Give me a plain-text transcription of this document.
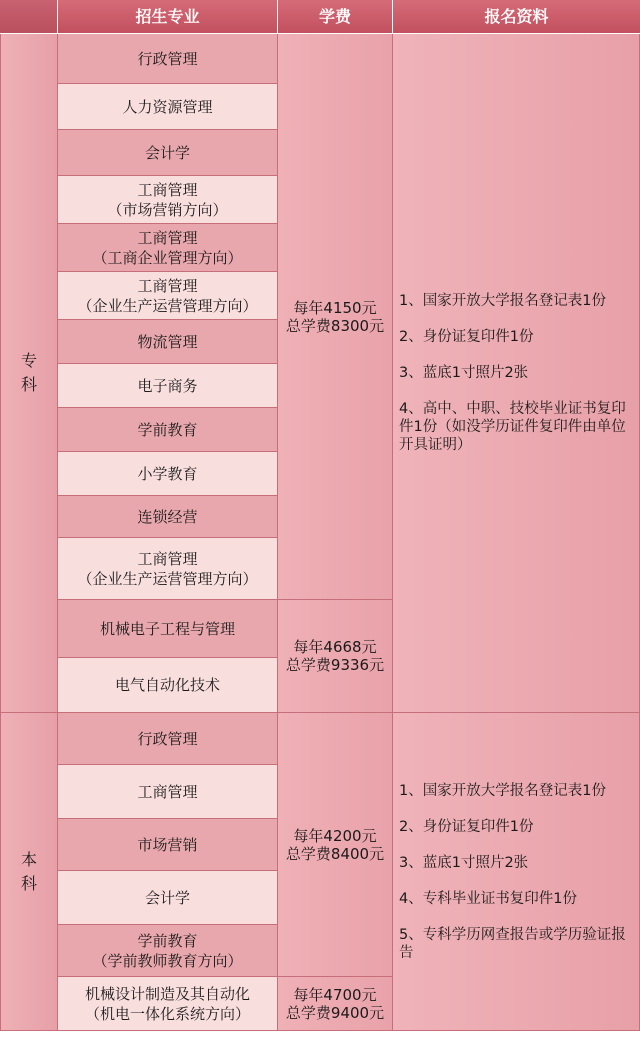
招生专业	学费	报名资料
专
科
本
科
行政管理
人力资源管理
会计学
工商管理
（市场营销方向）
工商管理
（工商企业管理方向）
工商管理
（企业生产运营管理方向）
物流管理
电子商务
学前教育
小学教育
连锁经营
工商管理
（企业生产运营管理方向）
机械电子工程与管理
电气自动化技术
行政管理
工商管理
市场营销
会计学
学前教育
（学前教师教育方向）
机械设计制造及其自动化
（机电一体化系统方向）
每年4150元
总学费8300元
每年4668元
总学费9336元
每年4200元
总学费8400元
每年4700元
总学费9400元

1、国家开放大学报名登记表1份

2、身份证复印件1份

3、蓝底1寸照片2张

4、高中、中职、技校毕业证书复印件1份（如没学历证件复印件由单位开具证明）

1、国家开放大学报名登记表1份

2、身份证复印件1份

3、蓝底1寸照片2张

4、专科毕业证书复印件1份

5、专科学历网查报告或学历验证报告
